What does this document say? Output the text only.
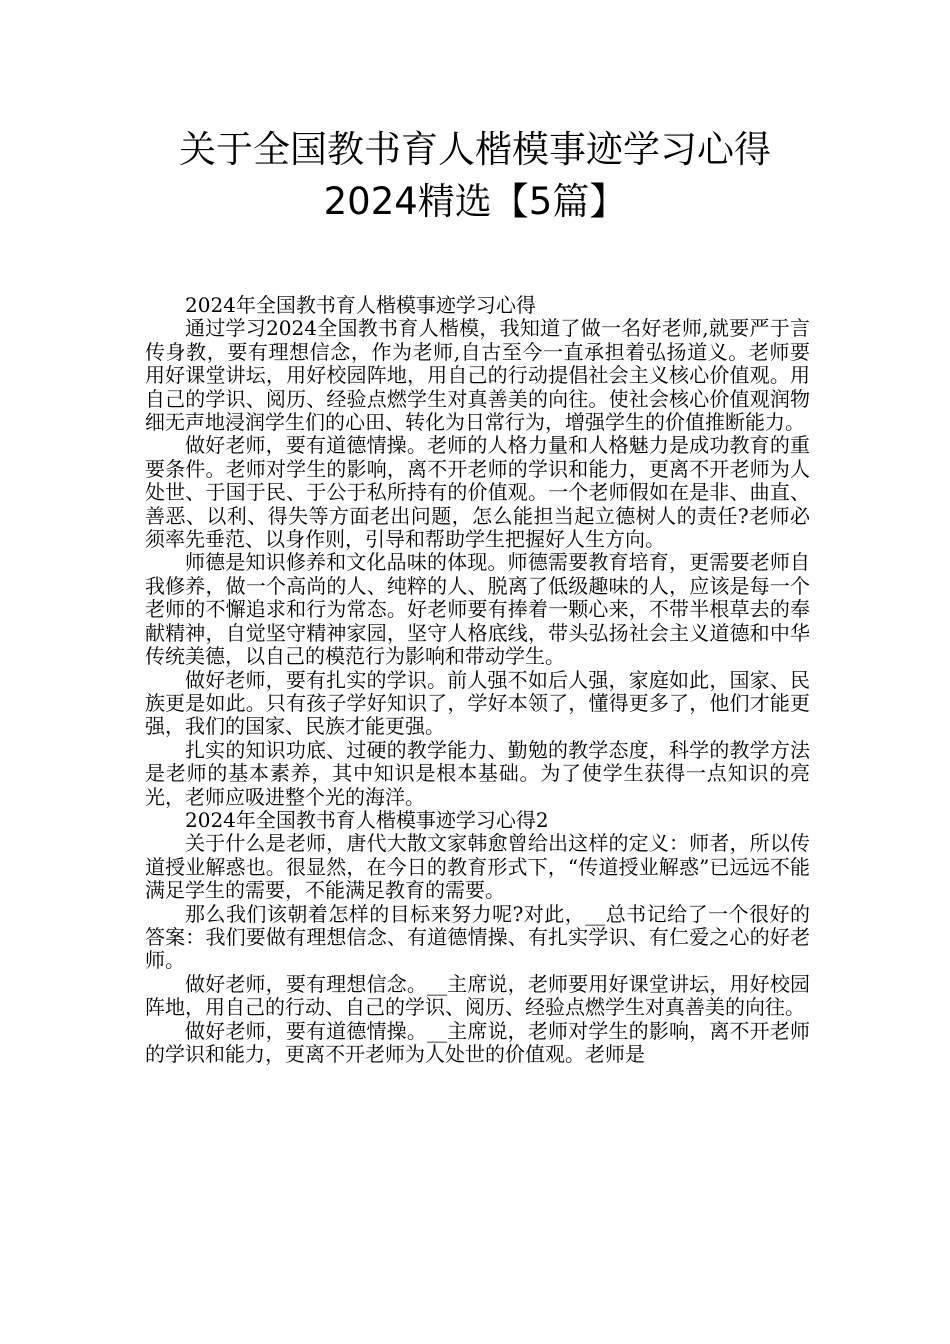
关于全国教书育人楷模事迹学习心得
2024精选【5篇】

2024年全国教书育人楷模事迹学习心得

通过学习2024全国教书育人楷模，我知道了做一名好老师,就要严于言传身教，要有理想信念，作为老师,自古至今一直承担着弘扬道义。老师要用好课堂讲坛，用好校园阵地，用自己的行动提倡社会主义核心价值观。用自己的学识、阅历、经验点燃学生对真善美的向往。使社会核心价值观润物细无声地浸润学生们的心田、转化为日常行为，增强学生的价值推断能力。

做好老师，要有道德情操。老师的人格力量和人格魅力是成功教育的重要条件。老师对学生的影响，离不开老师的学识和能力，更离不开老师为人处世、于国于民、于公于私所持有的价值观。一个老师假如在是非、曲直、善恶、以利、得失等方面老出问题，怎么能担当起立德树人的责任?老师必须率先垂范、以身作则，引导和帮助学生把握好人生方向。

师德是知识修养和文化品味的体现。师德需要教育培育，更需要老师自我修养，做一个高尚的人、纯粹的人、脱离了低级趣味的人，应该是每一个老师的不懈追求和行为常态。好老师要有捧着一颗心来，不带半根草去的奉献精神，自觉坚守精神家园，坚守人格底线，带头弘扬社会主义道德和中华传统美德，以自己的模范行为影响和带动学生。

做好老师，要有扎实的学识。前人强不如后人强，家庭如此，国家、民族更是如此。只有孩子学好知识了，学好本领了，懂得更多了，他们才能更强，我们的国家、民族才能更强。

扎实的知识功底、过硬的教学能力、勤勉的教学态度，科学的教学方法是老师的基本素养，其中知识是根本基础。为了使学生获得一点知识的亮光，老师应吸进整个光的海洋。

2024年全国教书育人楷模事迹学习心得2

关于什么是老师，唐代大散文家韩愈曾给出这样的定义：师者，所以传道授业解惑也。很显然，在今日的教育形式下，“传道授业解惑”已远远不能满足学生的需要，不能满足教育的需要。

那么我们该朝着怎样的目标来努力呢?对此，__总书记给了一个很好的答案：我们要做有理想信念、有道德情操、有扎实学识、有仁爱之心的好老师。

做好老师，要有理想信念。__主席说，老师要用好课堂讲坛，用好校园阵地，用自己的行动、自己的学识、阅历、经验点燃学生对真善美的向往。

做好老师，要有道德情操。__主席说，老师对学生的影响，离不开老师的学识和能力，更离不开老师为人处世的价值观。老师是
